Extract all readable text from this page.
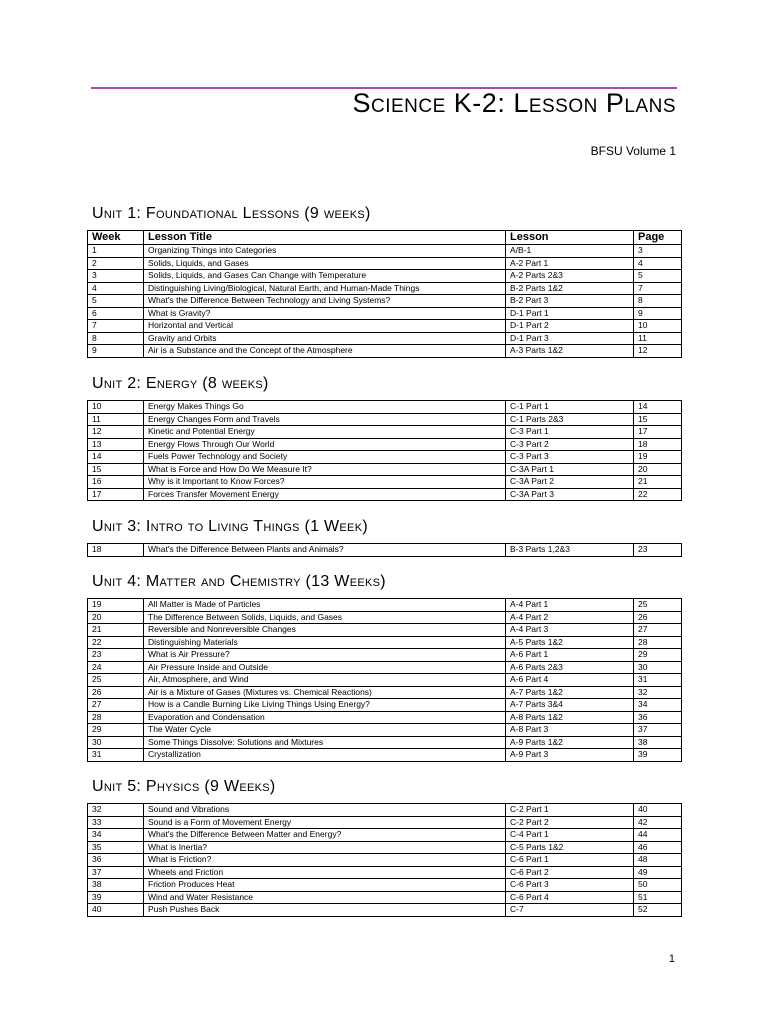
Science K-2: Lesson Plans
BFSU Volume 1
Unit 1: Foundational Lessons (9 weeks)
Week	Lesson Title	Lesson	Page
1	Organizing Things into Categories	A/B-1	3
2	Solids, Liquids, and Gases	A-2 Part 1	4
3	Solids, Liquids, and Gases Can Change with Temperature	A-2 Parts 2&3	5
4	Distinguishing Living/Biological, Natural Earth, and Human-Made Things	B-2 Parts 1&2	7
5	What's the Difference Between Technology and Living Systems?	B-2 Part 3	8
6	What is Gravity?	D-1 Part 1	9
7	Horizontal and Vertical	D-1 Part 2	10
8	Gravity and Orbits	D-1 Part 3	11
9	Air is a Substance and the Concept of the Atmosphere	A-3 Parts 1&2	12
Unit 2: Energy (8 weeks)
10	Energy Makes Things Go	C-1 Part 1	14
11	Energy Changes Form and Travels	C-1 Parts 2&3	15
12	Kinetic and Potential Energy	C-3 Part 1	17
13	Energy Flows Through Our World	C-3 Part 2	18
14	Fuels Power Technology and Society	C-3 Part 3	19
15	What is Force and How Do We Measure It?	C-3A Part 1	20
16	Why is it Important to Know Forces?	C-3A Part 2	21
17	Forces Transfer Movement Energy	C-3A Part 3	22
Unit 3: Intro to Living Things (1 Week)
18	What's the Difference Between Plants and Animals?	B-3 Parts 1,2&3	23
Unit 4: Matter and Chemistry (13 Weeks)
19	All Matter is Made of Particles	A-4 Part 1	25
20	The Difference Between Solids, Liquids, and Gases	A-4 Part 2	26
21	Reversible and Nonreversible Changes	A-4 Part 3	27
22	Distinguishing Materials	A-5 Parts 1&2	28
23	What is Air Pressure?	A-6 Part 1	29
24	Air Pressure Inside and Outside	A-6 Parts 2&3	30
25	Air, Atmosphere, and Wind	A-6 Part 4	31
26	Air is a Mixture of Gases (Mixtures vs. Chemical Reactions)	A-7 Parts 1&2	32
27	How is a Candle Burning Like Living Things Using Energy?	A-7 Parts 3&4	34
28	Evaporation and Condensation	A-8 Parts 1&2	36
29	The Water Cycle	A-8 Part 3	37
30	Some Things Dissolve: Solutions and Mixtures	A-9 Parts 1&2	38
31	Crystallization	A-9 Part 3	39
Unit 5: Physics (9 Weeks)
32	Sound and Vibrations	C-2 Part 1	40
33	Sound is a Form of Movement Energy	C-2 Part 2	42
34	What's the Difference Between Matter and Energy?	C-4 Part 1	44
35	What is Inertia?	C-5 Parts 1&2	46
36	What is Friction?	C-6 Part 1	48
37	Wheels and Friction	C-6 Part 2	49
38	Friction Produces Heat	C-6 Part 3	50
39	Wind and Water Resistance	C-6 Part 4	51
40	Push Pushes Back	C-7	52
1
